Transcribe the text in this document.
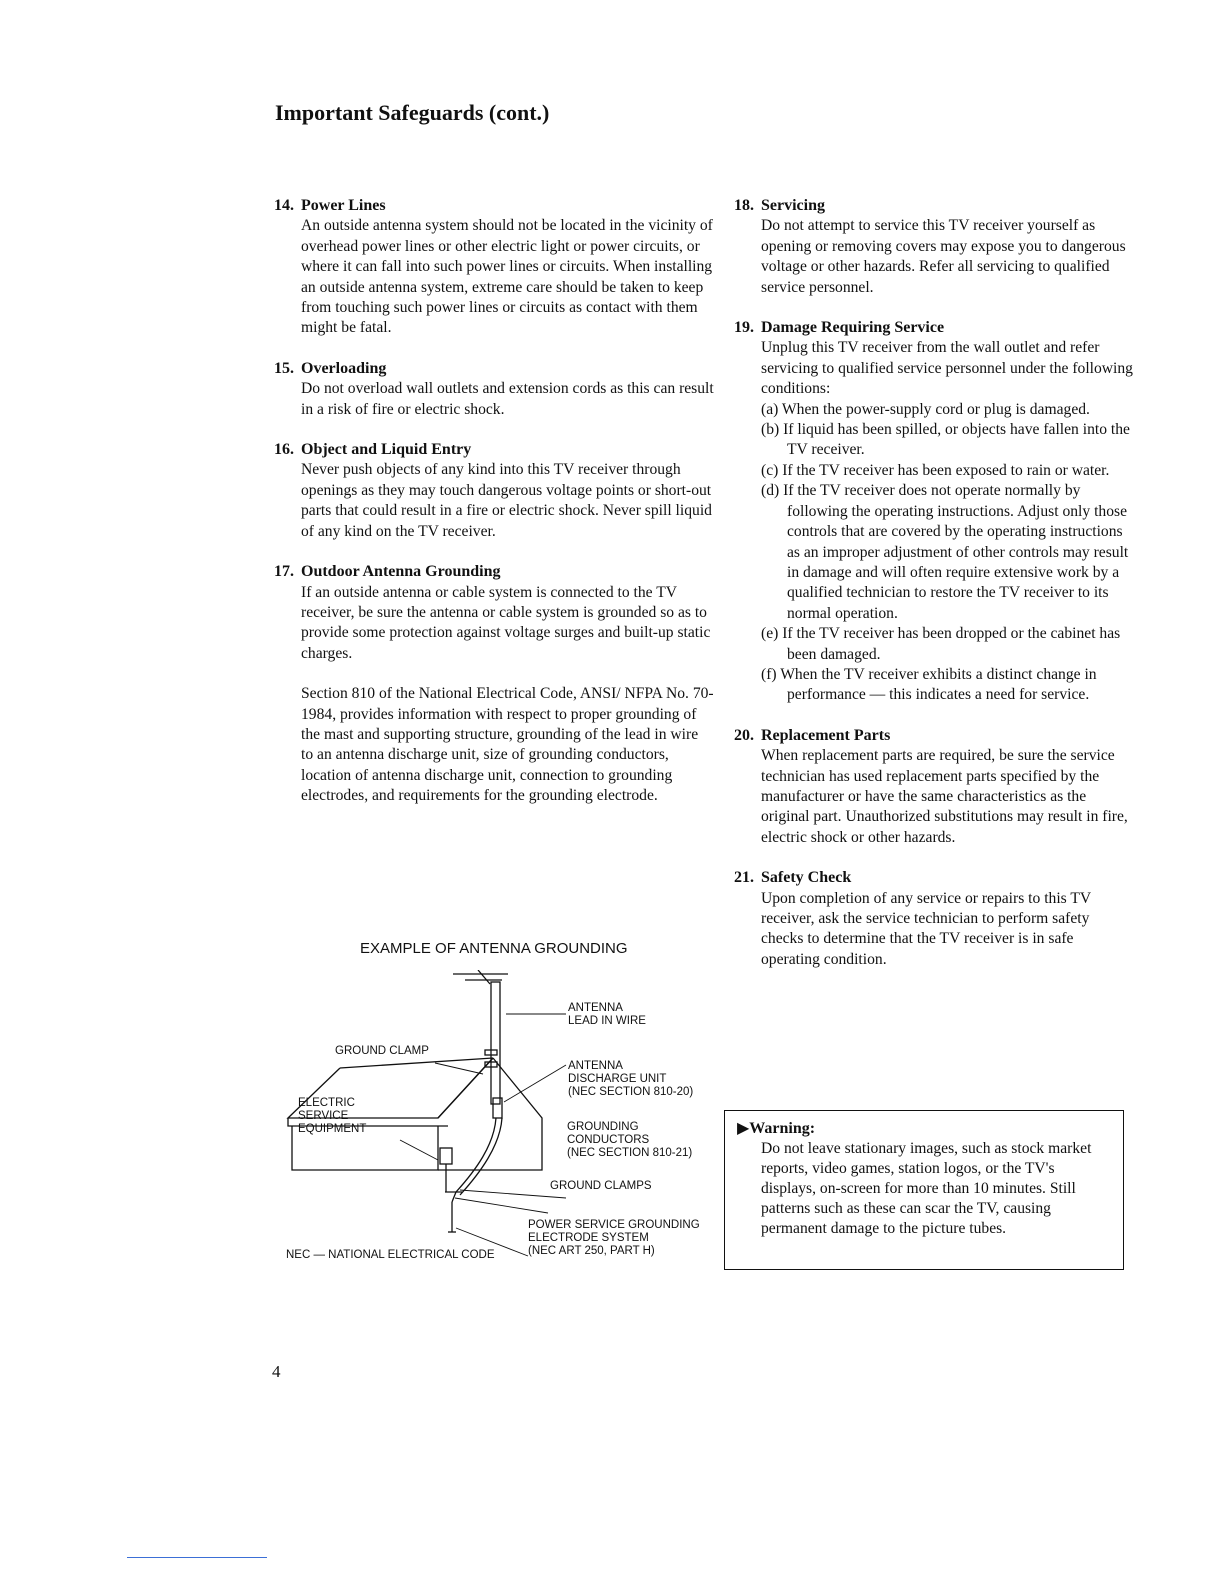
Important Safeguards (cont.)
14. Power Lines

An outside antenna system should not be located in the vicinity of overhead power lines or other electric light or power circuits, or where it can fall into such power lines or circuits. When installing an outside antenna system, extreme care should be taken to keep from touching such power lines or circuits as contact with them might be fatal.

15. Overloading

Do not overload wall outlets and extension cords as this can result in a risk of fire or electric shock.

16. Object and Liquid Entry

Never push objects of any kind into this TV receiver through openings as they may touch dangerous voltage points or short-out parts that could result in a fire or electric shock. Never spill liquid of any kind on the TV receiver.

17. Outdoor Antenna Grounding

If an outside antenna or cable system is connected to the TV receiver, be sure the antenna or cable system is grounded so as to provide some protection against voltage surges and built-up static charges.

Section 810 of the National Electrical Code, ANSI/ NFPA No. 70-1984, provides information with respect to proper grounding of the mast and supporting structure, grounding of the lead in wire to an antenna discharge unit, size of grounding conductors, location of antenna discharge unit, connection to grounding electrodes, and requirements for the grounding electrode.

18. Servicing

Do not attempt to service this TV receiver yourself as opening or removing covers may expose you to dangerous voltage or other hazards. Refer all servicing to qualified service personnel.

19. Damage Requiring Service

Unplug this TV receiver from the wall outlet and refer servicing to qualified service personnel under the following conditions:

(a) When the power-supply cord or plug is damaged.
(b) If liquid has been spilled, or objects have fallen into the TV receiver.
(c) If the TV receiver has been exposed to rain or water.
(d) If the TV receiver does not operate normally by following the operating instructions. Adjust only those controls that are covered by the operating instructions as an improper adjustment of other controls may result in damage and will often require extensive work by a qualified technician to restore the TV receiver to its normal operation.
(e) If the TV receiver has been dropped or the cabinet has been damaged.
(f) When the TV receiver exhibits a distinct change in performance — this indicates a need for service.
20. Replacement Parts

When replacement parts are required, be sure the service technician has used replacement parts specified by the manufacturer or have the same characteristics as the original part. Unauthorized substitutions may result in fire, electric shock or other hazards.

21. Safety Check

Upon completion of any service or repairs to this TV receiver, ask the service technician to perform safety checks to determine that the TV receiver is in safe operating condition.

EXAMPLE OF ANTENNA GROUNDING
ANTENNA
LEAD IN WIRE
GROUND CLAMP
ANTENNA
DISCHARGE UNIT
(NEC SECTION 810-20)
ELECTRIC
SERVICE
EQUIPMENT	GROUNDING
CONDUCTORS
(NEC SECTION 810-21)
GROUND CLAMPS
POWER SERVICE GROUNDING
ELECTRODE SYSTEM
(NEC ART 250, PART H)
NEC — NATIONAL ELECTRICAL CODE

▶Warning:

Do not leave stationary images, such as stock market reports, video games, station logos, or the TV's displays, on-screen for more than 10 minutes. Still patterns such as these can scar the TV, causing permanent damage to the picture tubes.

4
